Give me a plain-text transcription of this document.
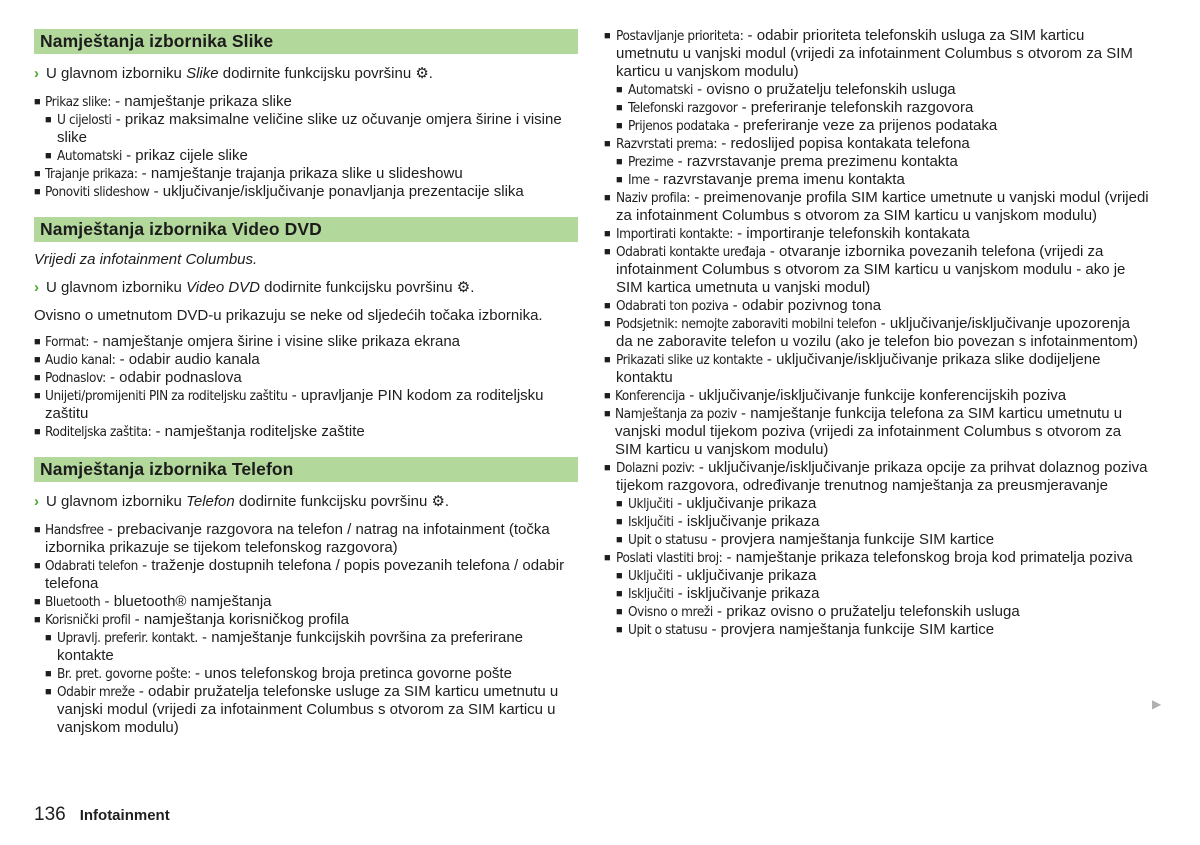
Namještanja izbornika Slike
› U glavnom izborniku Slike dodirnite funkcijsku površinu ⚙.
■ Prikaz slike: - namještanje prikaza slike
■ U cijelosti - prikaz maksimalne veličine slike uz očuvanje omjera širine i visine slike
■ Automatski - prikaz cijele slike
■ Trajanje prikaza: - namještanje trajanja prikaza slike u slideshowu
■ Ponoviti slideshow - uključivanje/isključivanje ponavljanja prezentacije slika
Namještanja izbornika Video DVD
Vrijedi za infotainment Columbus.
› U glavnom izborniku Video DVD dodirnite funkcijsku površinu ⚙.
Ovisno o umetnutom DVD-u prikazuju se neke od sljedećih točaka izbornika.
■ Format: - namještanje omjera širine i visine slike prikaza ekrana
■ Audio kanal: - odabir audio kanala
■ Podnaslov: - odabir podnaslova
■ Unijeti/promijeniti PIN za roditeljsku zaštitu - upravljanje PIN kodom za roditeljsku zaštitu
■ Roditeljska zaštita: - namještanja roditeljske zaštite
Namještanja izbornika Telefon
› U glavnom izborniku Telefon dodirnite funkcijsku površinu ⚙.
■ Handsfree - prebacivanje razgovora na telefon / natrag na infotainment (točka izbornika prikazuje se tijekom telefonskog razgovora)
■ Odabrati telefon - traženje dostupnih telefona / popis povezanih telefona / odabir telefona
■ Bluetooth - bluetooth® namještanja
■ Korisnički profil - namještanja korisničkog profila
■ Upravlj. preferir. kontakt. - namještanje funkcijskih površina za preferirane kontakte
■ Br. pret. govorne pošte: - unos telefonskog broja pretinca govorne pošte
■ Odabir mreže - odabir pružatelja telefonske usluge za SIM karticu umetnutu u vanjski modul (vrijedi za infotainment Columbus s otvorom za SIM karticu u vanjskom modulu)
■ Postavljanje prioriteta: - odabir prioriteta telefonskih usluga za SIM karticu umetnutu u vanjski modul (vrijedi za infotainment Columbus s otvorom za SIM karticu u vanjskom modulu)
■ Automatski - ovisno o pružatelju telefonskih usluga
■ Telefonski razgovor - preferiranje telefonskih razgovora
■ Prijenos podataka - preferiranje veze za prijenos podataka
■ Razvrstati prema: - redoslijed popisa kontakata telefona
■ Prezime - razvrstavanje prema prezimenu kontakta
■ Ime - razvrstavanje prema imenu kontakta
■ Naziv profila: - preimenovanje profila SIM kartice umetnute u vanjski modul (vrijedi za infotainment Columbus s otvorom za SIM karticu u vanjskom modulu)
■ Importirati kontakte: - importiranje telefonskih kontakata
■ Odabrati kontakte uređaja - otvaranje izbornika povezanih telefona (vrijedi za infotainment Columbus s otvorom za SIM karticu u vanjskom modulu - ako je SIM kartica umetnuta u vanjski modul)
■ Odabrati ton poziva - odabir pozivnog tona
■ Podsjetnik: nemojte zaboraviti mobilni telefon - uključivanje/isključivanje upozorenja da ne zaboravite telefon u vozilu (ako je telefon bio povezan s infotainmentom)
■ Prikazati slike uz kontakte - uključivanje/isključivanje prikaza slike dodijeljene kontaktu
■ Konferencija - uključivanje/isključivanje funkcije konferencijskih poziva
■ Namještanja za poziv - namještanje funkcija telefona za SIM karticu umetnutu u vanjski modul tijekom poziva (vrijedi za infotainment Columbus s otvorom za SIM karticu u vanjskom modulu)
■ Dolazni poziv: - uključivanje/isključivanje prikaza opcije za prihvat dolaznog poziva tijekom razgovora, određivanje trenutnog namještanja za preusmjeravanje
■ Uključiti - uključivanje prikaza
■ Isključiti - isključivanje prikaza
■ Upit o statusu - provjera namještanja funkcije SIM kartice
■ Poslati vlastiti broj: - namještanje prikaza telefonskog broja kod primatelja poziva
■ Uključiti - uključivanje prikaza
■ Isključiti - isključivanje prikaza
■ Ovisno o mreži - prikaz ovisno o pružatelju telefonskih usluga
■ Upit o statusu - provjera namještanja funkcije SIM kartice
▶
136 Infotainment
